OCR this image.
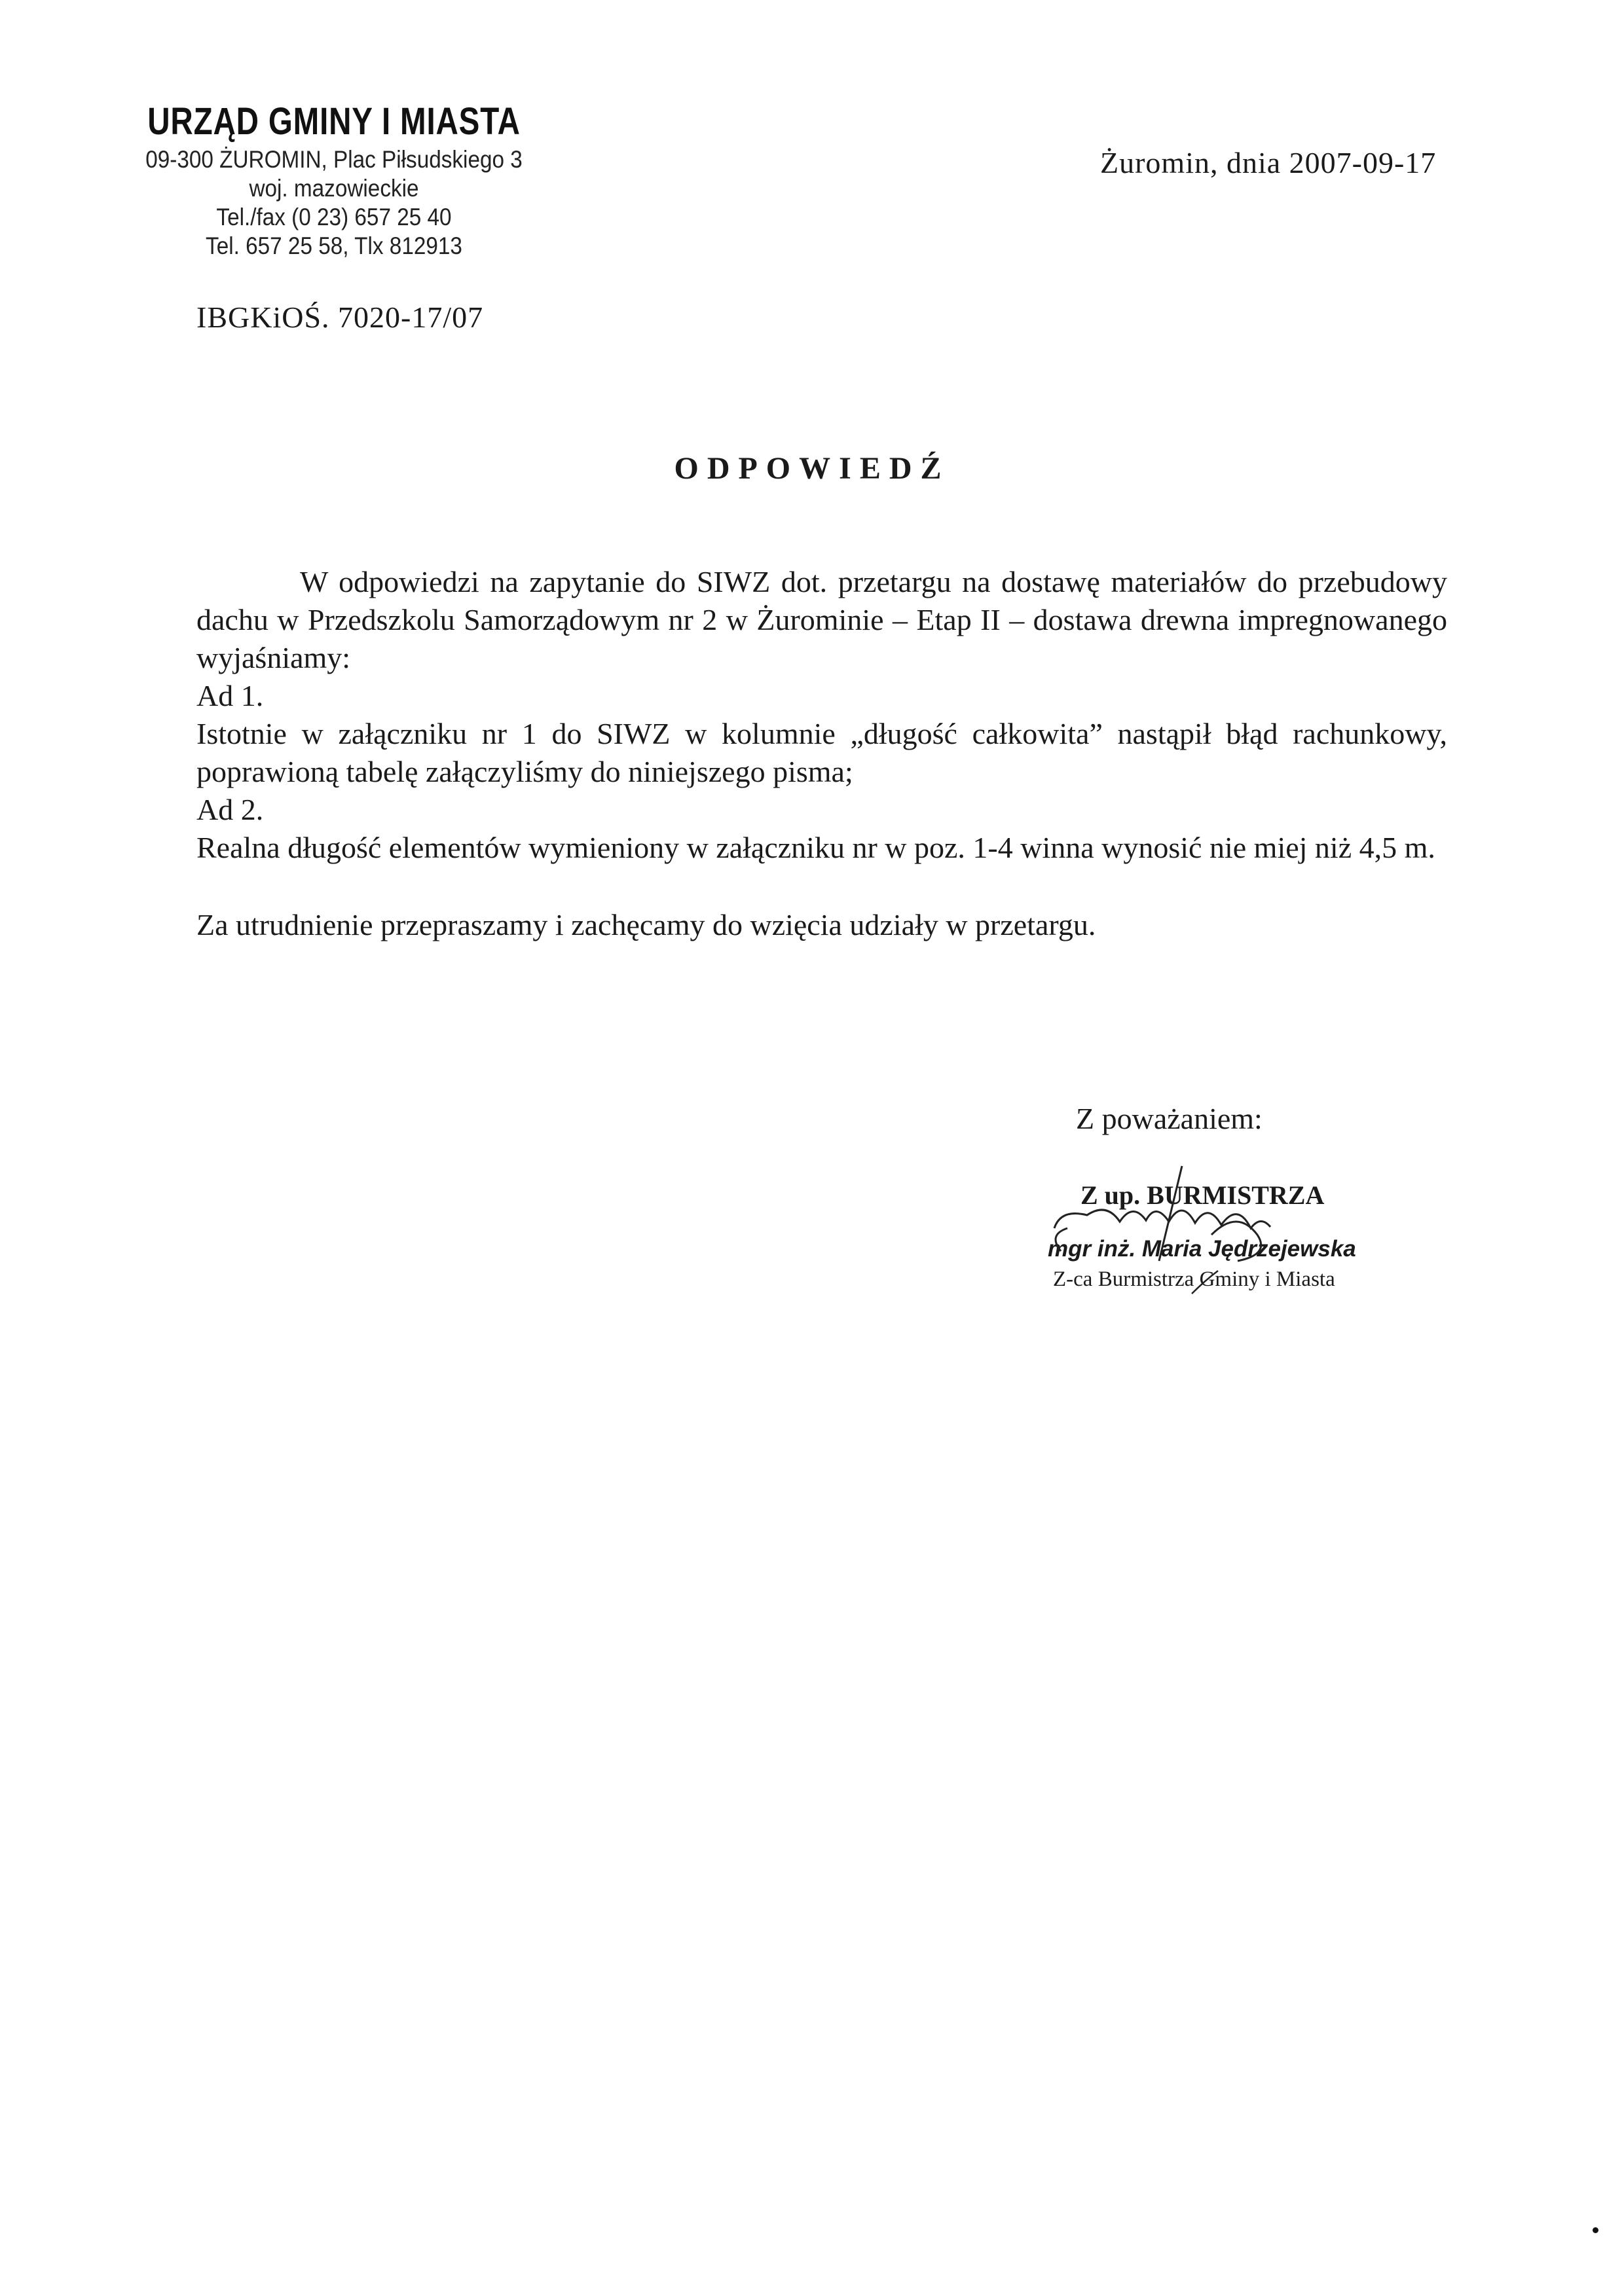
URZĄD GMINY I MIASTA
09-300 ŻUROMIN, Plac Piłsudskiego 3
woj. mazowieckie
Tel./fax (0 23) 657 25 40
Tel. 657 25 58, Tlx 812913
Żuromin, dnia 2007-09-17
IBGKiOŚ. 7020-17/07
ODPOWIEDŹ

W odpowiedzi na zapytanie do SIWZ dot. przetargu na dostawę materiałów do przebudowy dachu w Przedszkolu Samorządowym nr 2 w Żurominie – Etap II – dostawa drewna impregnowanego wyjaśniamy:

Ad 1.

Istotnie w załączniku nr 1 do SIWZ w kolumnie „długość całkowita” nastąpił błąd rachunkowy, poprawioną tabelę załączyliśmy do niniejszego pisma;

Ad 2.

Realna długość elementów wymieniony w załączniku nr w poz. 1-4 winna wynosić nie miej niż 4,5 m.

Za utrudnienie przepraszamy i zachęcamy do wzięcia udziały w przetargu.

Z poważaniem:
Z up. BURMISTRZA
mgr inż. Maria Jędrzejewska
Z-ca Burmistrza Gminy i Miasta
